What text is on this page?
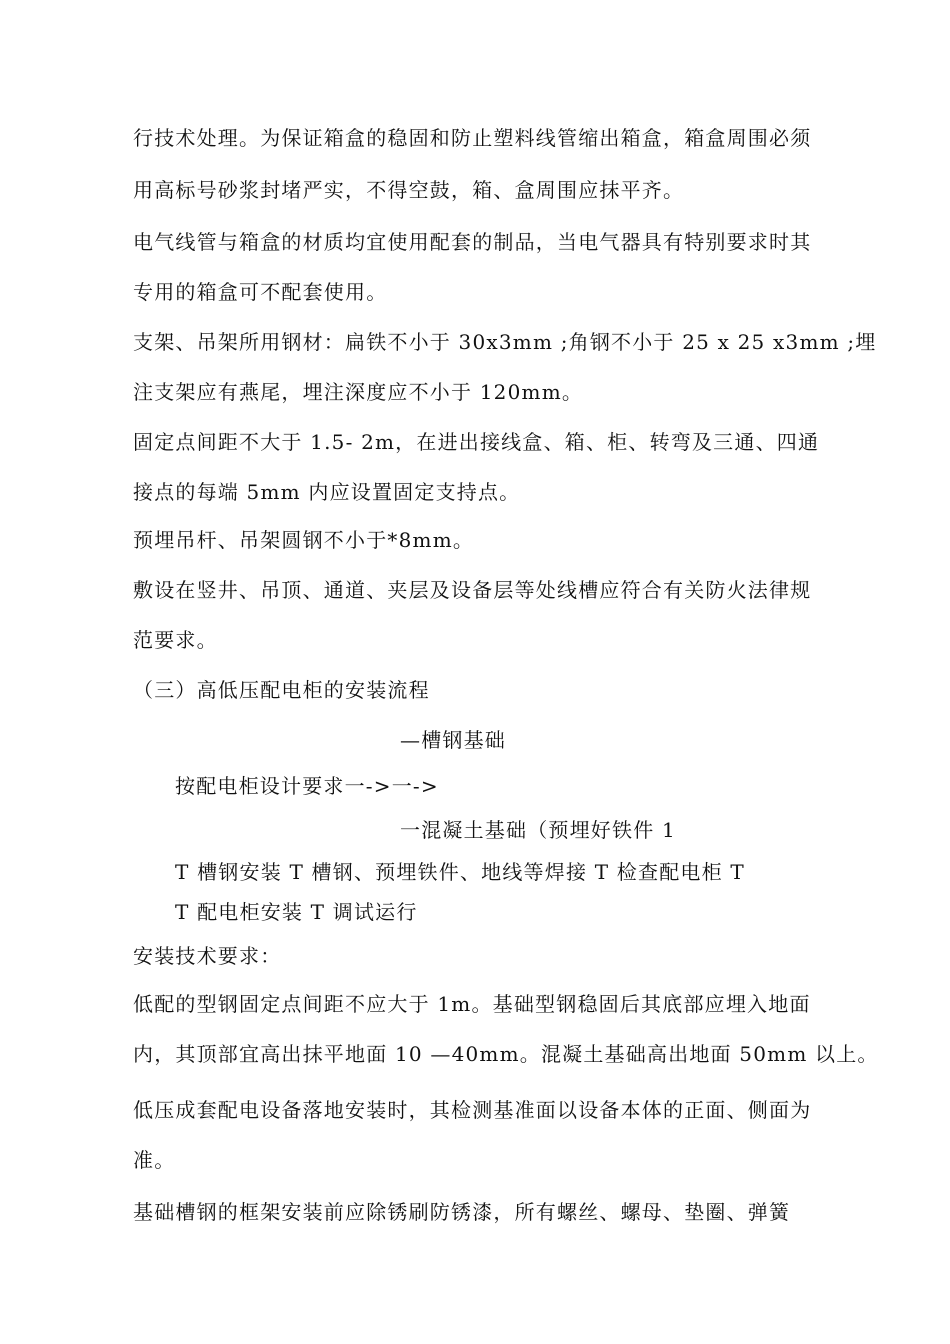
行技术处理。为保证箱盒的稳固和防止塑料线管缩出箱盒，箱盒周围必须
用高标号砂浆封堵严实，不得空鼓，箱、盒周围应抹平齐。
电气线管与箱盒的材质均宜使用配套的制品，当电气器具有特别要求时其
专用的箱盒可不配套使用。
支架、吊架所用钢材：扁铁不小于 30x3mm ;角钢不小于 25 x 25 x3mm ;埋
注支架应有燕尾，埋注深度应不小于 120mm。
固定点间距不大于 1.5- 2m，在进出接线盒、箱、柜、转弯及三通、四通
接点的每端 5mm 内应设置固定支持点。
预埋吊杆、吊架圆钢不小于*8mm。
敷设在竖井、吊顶、通道、夹层及设备层等处线槽应符合有关防火法律规
范要求。
（三）高低压配电柜的安装流程
—槽钢基础
按配电柜设计要求一->一->
一混凝土基础（预埋好铁件 1
T 槽钢安装 T 槽钢、预埋铁件、地线等焊接 T 检查配电柜 T
T 配电柜安装 T 调试运行
安装技术要求：
低配的型钢固定点间距不应大于 1m。基础型钢稳固后其底部应埋入地面
内，其顶部宜高出抹平地面 10 —40mm。混凝土基础高出地面 50mm 以上。
低压成套配电设备落地安装时，其检测基准面以设备本体的正面、侧面为
准。
基础槽钢的框架安装前应除锈刷防锈漆，所有螺丝、螺母、垫圈、弹簧
